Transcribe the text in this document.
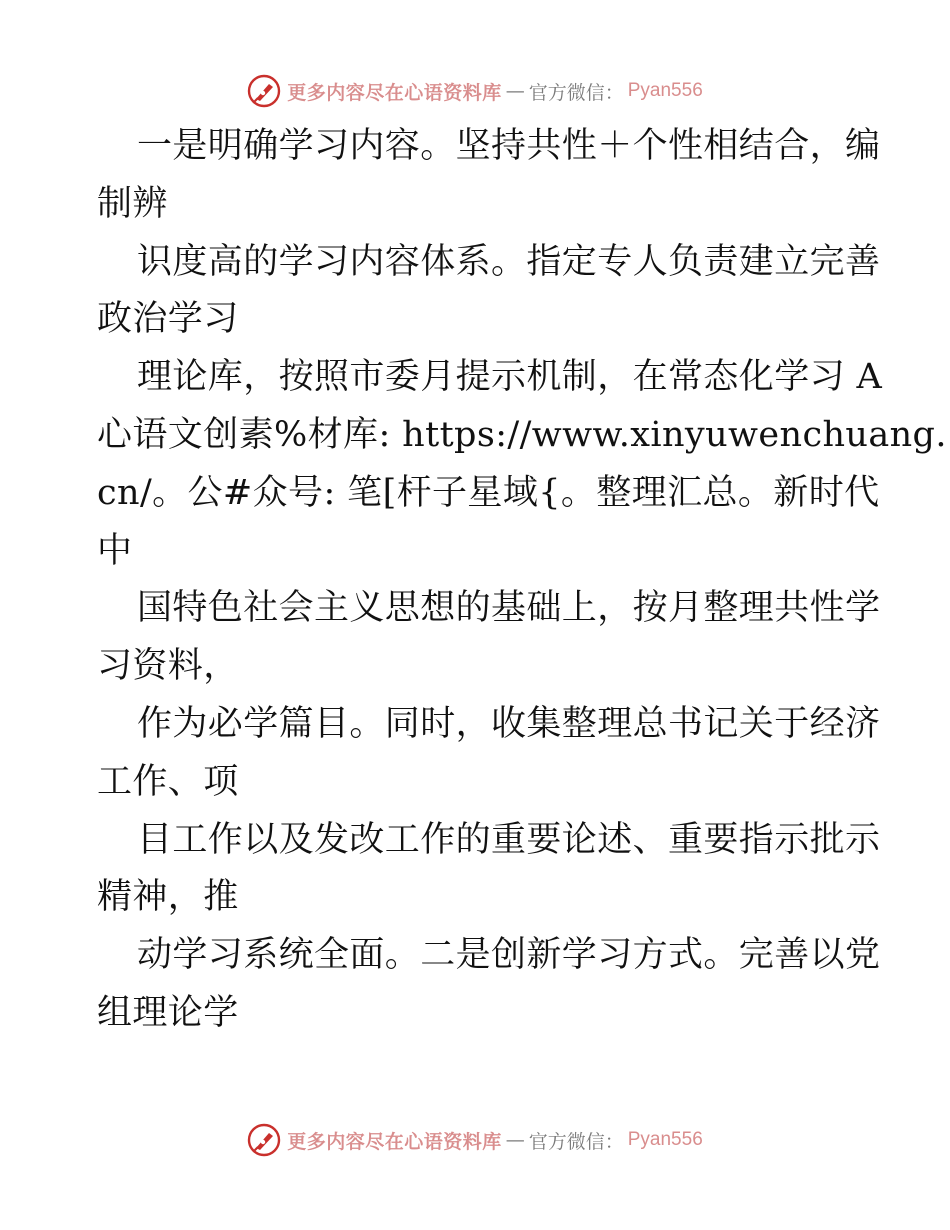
更多内容尽在心语资料库 — 官方微信： Pyan556
一是明确学习内容。坚持共性＋个性相结合，编
制辨
识度高的学习内容体系。指定专人负责建立完善
政治学习
理论库，按照市委月提示机制，在常态化学习 A
心语文创素%材库: https://www.xinyuwenchuang.
cn/。公#众号: 笔[杆子星域{。整理汇总。新时代
中
国特色社会主义思想的基础上，按月整理共性学
习资料，
作为必学篇目。同时，收集整理总书记关于经济
工作、项
目工作以及发改工作的重要论述、重要指示批示
精神，推
动学习系统全面。二是创新学习方式。完善以党
组理论学
更多内容尽在心语资料库 — 官方微信： Pyan556
